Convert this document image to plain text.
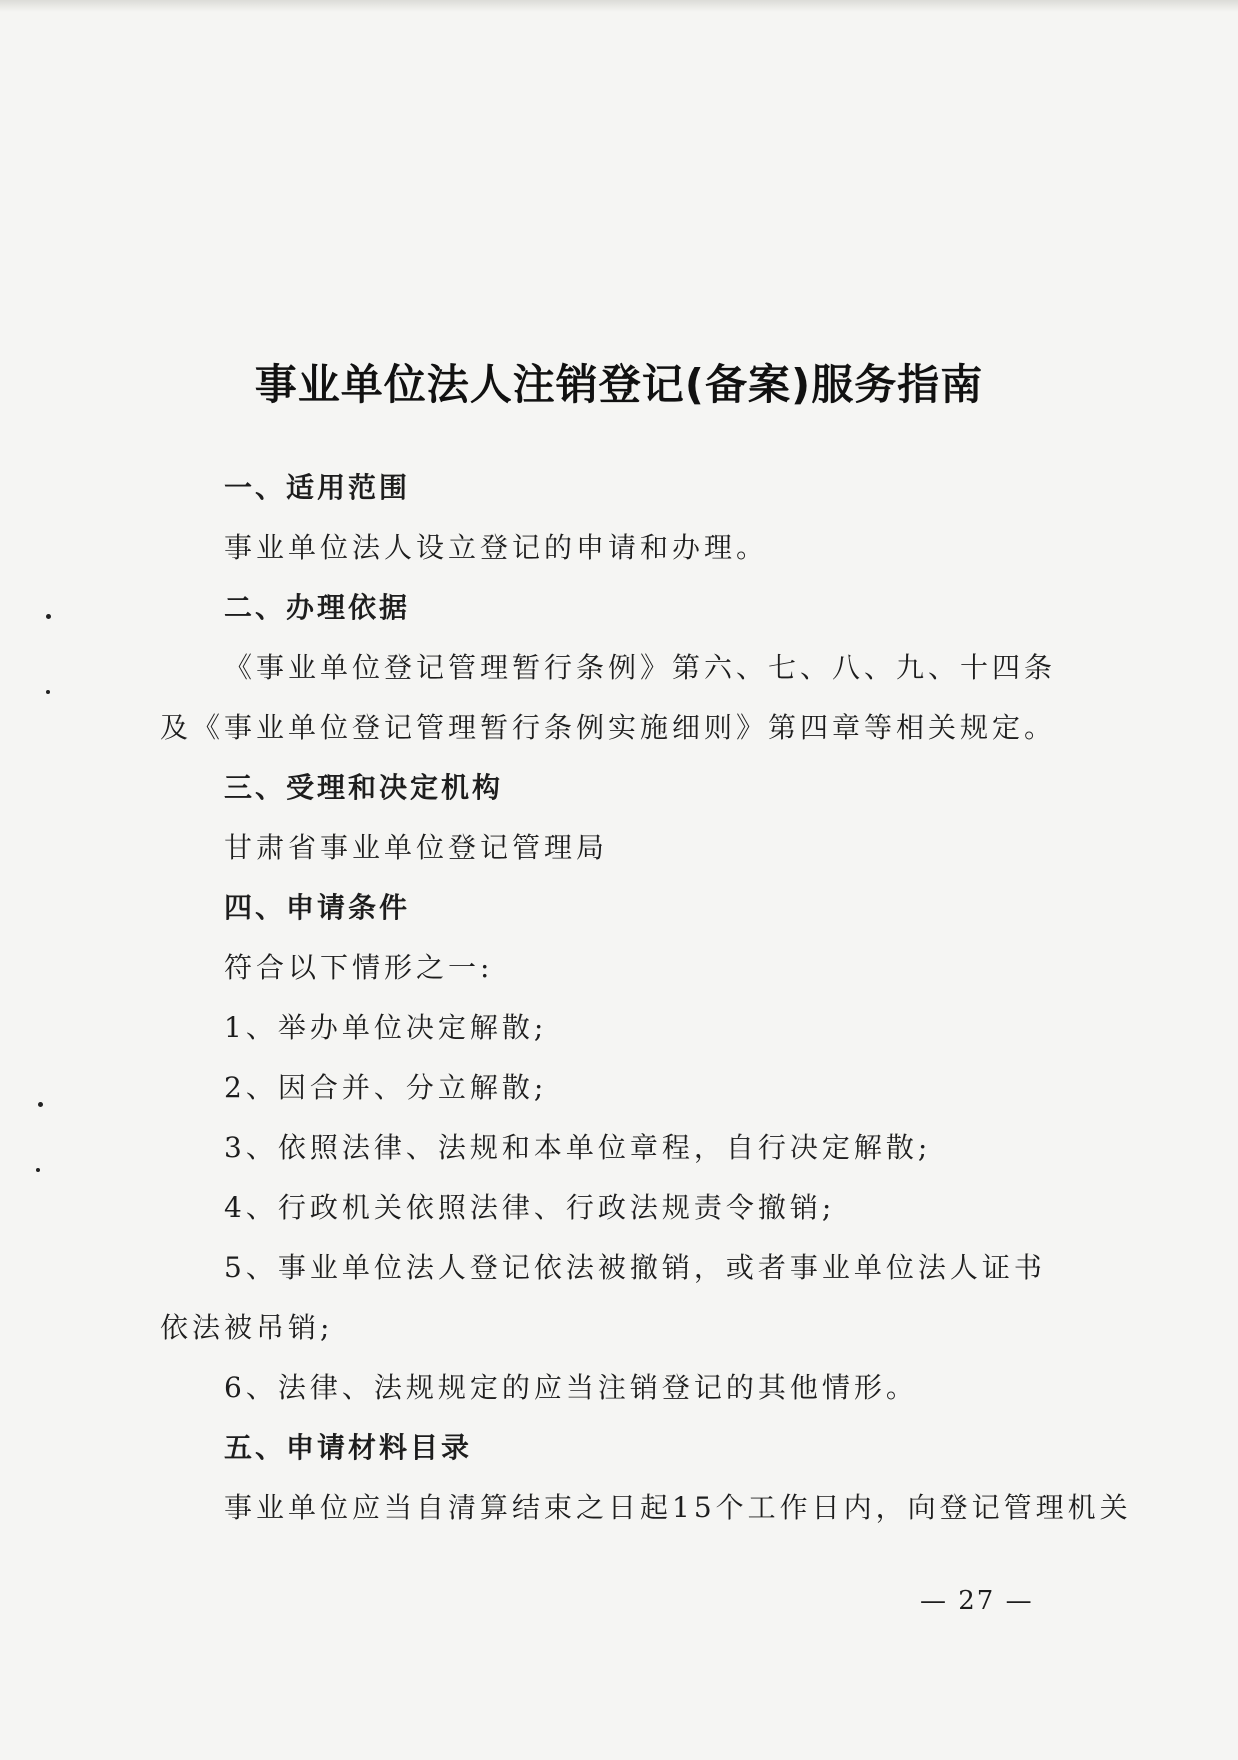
事业单位法人注销登记(备案)服务指南
一、适用范围
事业单位法人设立登记的申请和办理。
二、办理依据
《事业单位登记管理暂行条例》第六、七、八、九、十四条
及《事业单位登记管理暂行条例实施细则》第四章等相关规定。
三、受理和决定机构
甘肃省事业单位登记管理局
四、申请条件
符合以下情形之一:
1、举办单位决定解散;
2、因合并、分立解散;
3、依照法律、法规和本单位章程，自行决定解散;
4、行政机关依照法律、行政法规责令撤销;
5、事业单位法人登记依法被撤销，或者事业单位法人证书
依法被吊销;
6、法律、法规规定的应当注销登记的其他情形。
五、申请材料目录
事业单位应当自清算结束之日起15个工作日内，向登记管理机关
— 27 —
